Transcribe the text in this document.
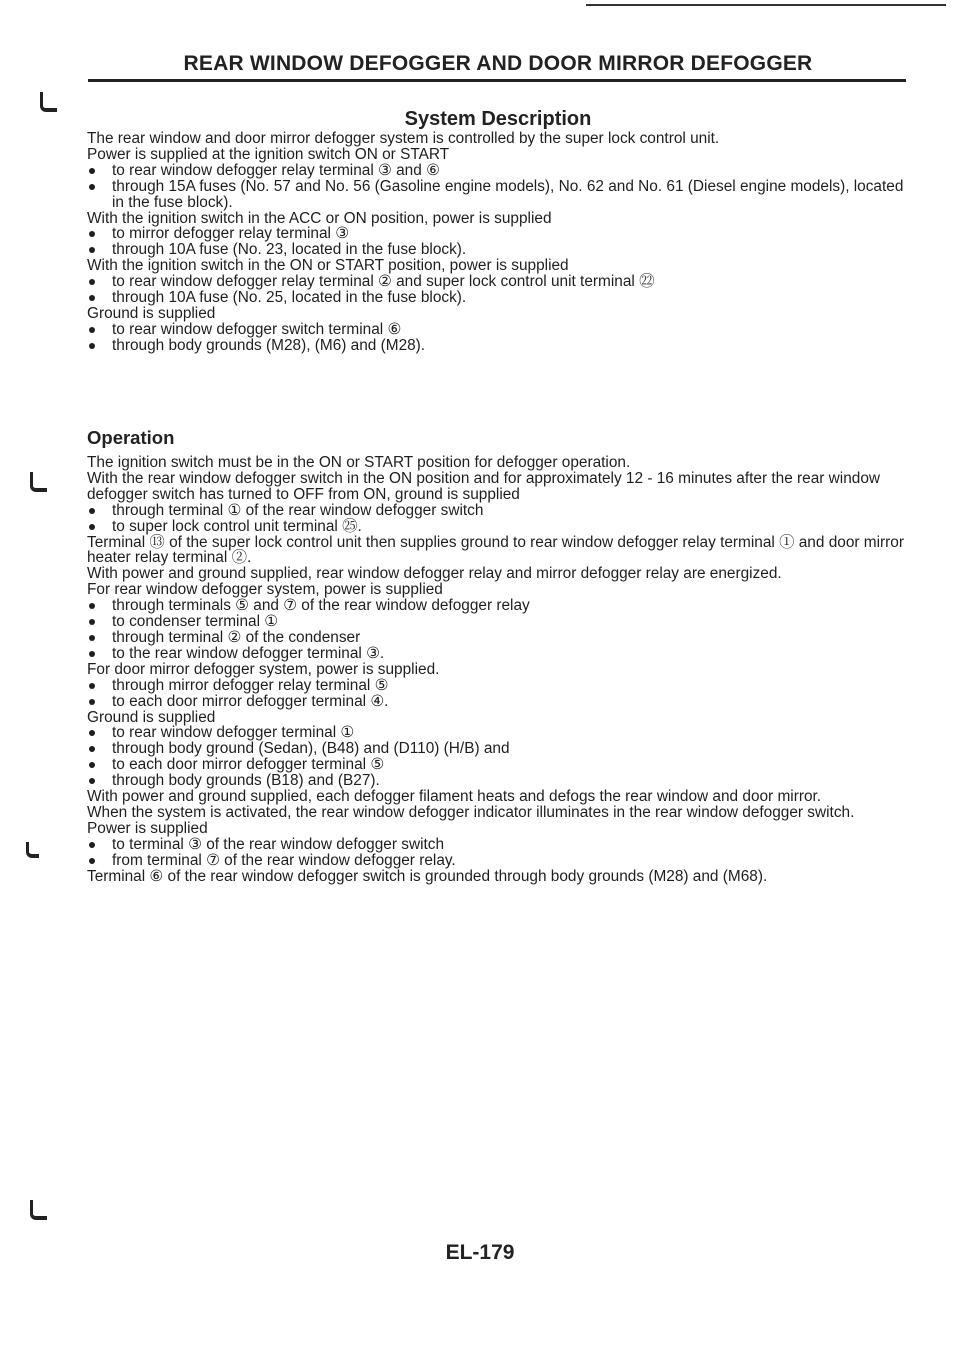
REAR WINDOW DEFOGGER AND DOOR MIRROR DEFOGGER
System Description

The rear window and door mirror defogger system is controlled by the super lock control unit.

Power is supplied at the ignition switch ON or START

to rear window defogger relay terminal ③ and ⑥

through 15A fuses (No. 57 and No. 56 (Gasoline engine models), No. 62 and No. 61 (Diesel engine models), located in the fuse block).

With the ignition switch in the ACC or ON position, power is supplied

to mirror defogger relay terminal ③

through 10A fuse (No. 23, located in the fuse block).

With the ignition switch in the ON or START position, power is supplied

to rear window defogger relay terminal ② and super lock control unit terminal ㉒

through 10A fuse (No. 25, located in the fuse block).

Ground is supplied

to rear window defogger switch terminal ⑥

through body grounds (M28), (M6) and (M28).

Operation

The ignition switch must be in the ON or START position for defogger operation.

With the rear window defogger switch in the ON position and for approximately 12 - 16 minutes after the rear window defogger switch has turned to OFF from ON, ground is supplied

through terminal ① of the rear window defogger switch

to super lock control unit terminal ㉕.

Terminal ⑬ of the super lock control unit then supplies ground to rear window defogger relay terminal ① and door mirror heater relay terminal ②.

With power and ground supplied, rear window defogger relay and mirror defogger relay are energized.

For rear window defogger system, power is supplied

through terminals ⑤ and ⑦ of the rear window defogger relay

to condenser terminal ①

through terminal ② of the condenser

to the rear window defogger terminal ③.

For door mirror defogger system, power is supplied.

through mirror defogger relay terminal ⑤

to each door mirror defogger terminal ④.

Ground is supplied

to rear window defogger terminal ①

through body ground (Sedan), (B48) and (D110) (H/B) and

to each door mirror defogger terminal ⑤

through body grounds (B18) and (B27).

With power and ground supplied, each defogger filament heats and defogs the rear window and door mirror.

When the system is activated, the rear window defogger indicator illuminates in the rear window defogger switch.

Power is supplied

to terminal ③ of the rear window defogger switch

from terminal ⑦ of the rear window defogger relay.

Terminal ⑥ of the rear window defogger switch is grounded through body grounds (M28) and (M68).

EL-179
